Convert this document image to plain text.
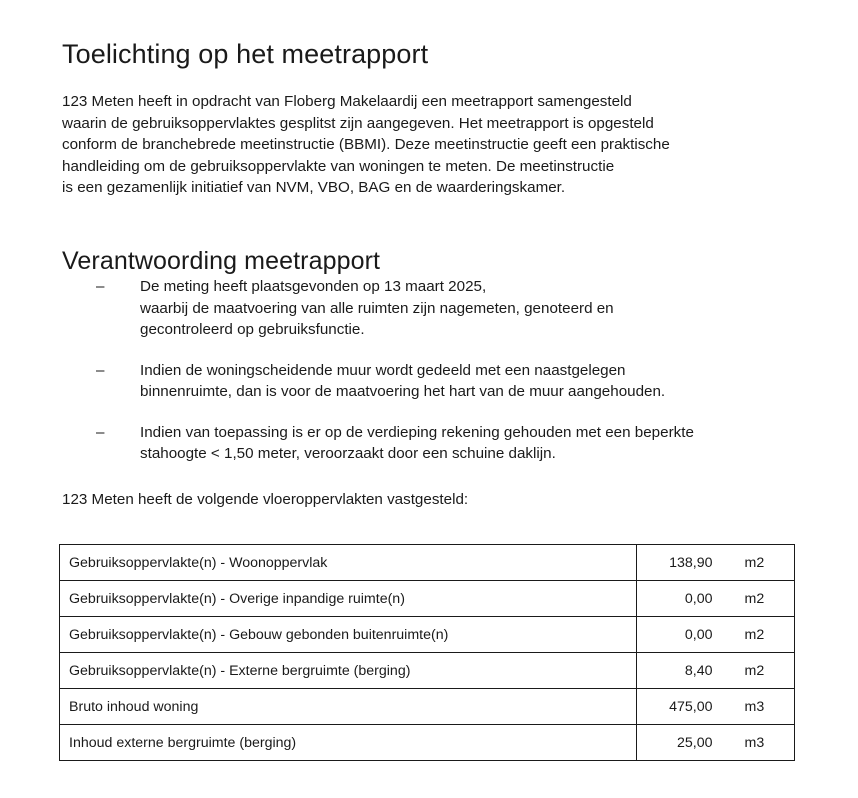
Toelichting op het meetrapport
123 Meten heeft in opdracht van Floberg Makelaardij een meetrapport samengesteld
waarin de gebruiksoppervlaktes gesplitst zijn aangegeven. Het meetrapport is opgesteld
conform de branchebrede meetinstructie (BBMI). Deze meetinstructie geeft een praktische
handleiding om de gebruiksoppervlakte van woningen te meten. De meetinstructie
is een gezamenlijk initiatief van NVM, VBO, BAG en de waarderingskamer.
Verantwoording meetrapport
– De meting heeft plaatsgevonden op 13 maart 2025,
waarbij de maatvoering van alle ruimten zijn nagemeten, genoteerd en
gecontroleerd op gebruiksfunctie.
– Indien de woningscheidende muur wordt gedeeld met een naastgelegen
binnenruimte, dan is voor de maatvoering het hart van de muur aangehouden.
– Indien van toepassing is er op de verdieping rekening gehouden met een beperkte
stahoogte < 1,50 meter, veroorzaakt door een schuine daklijn.
123 Meten heeft de volgende vloeroppervlakten vastgesteld:
Gebruiksoppervlakte(n) - Woonoppervlak	138,90	m2
Gebruiksoppervlakte(n) - Overige inpandige ruimte(n)	0,00	m2
Gebruiksoppervlakte(n) - Gebouw gebonden buitenruimte(n)	0,00	m2
Gebruiksoppervlakte(n) - Externe bergruimte (berging)	8,40	m2
Bruto inhoud woning	475,00	m3
Inhoud externe bergruimte (berging)	25,00	m3
